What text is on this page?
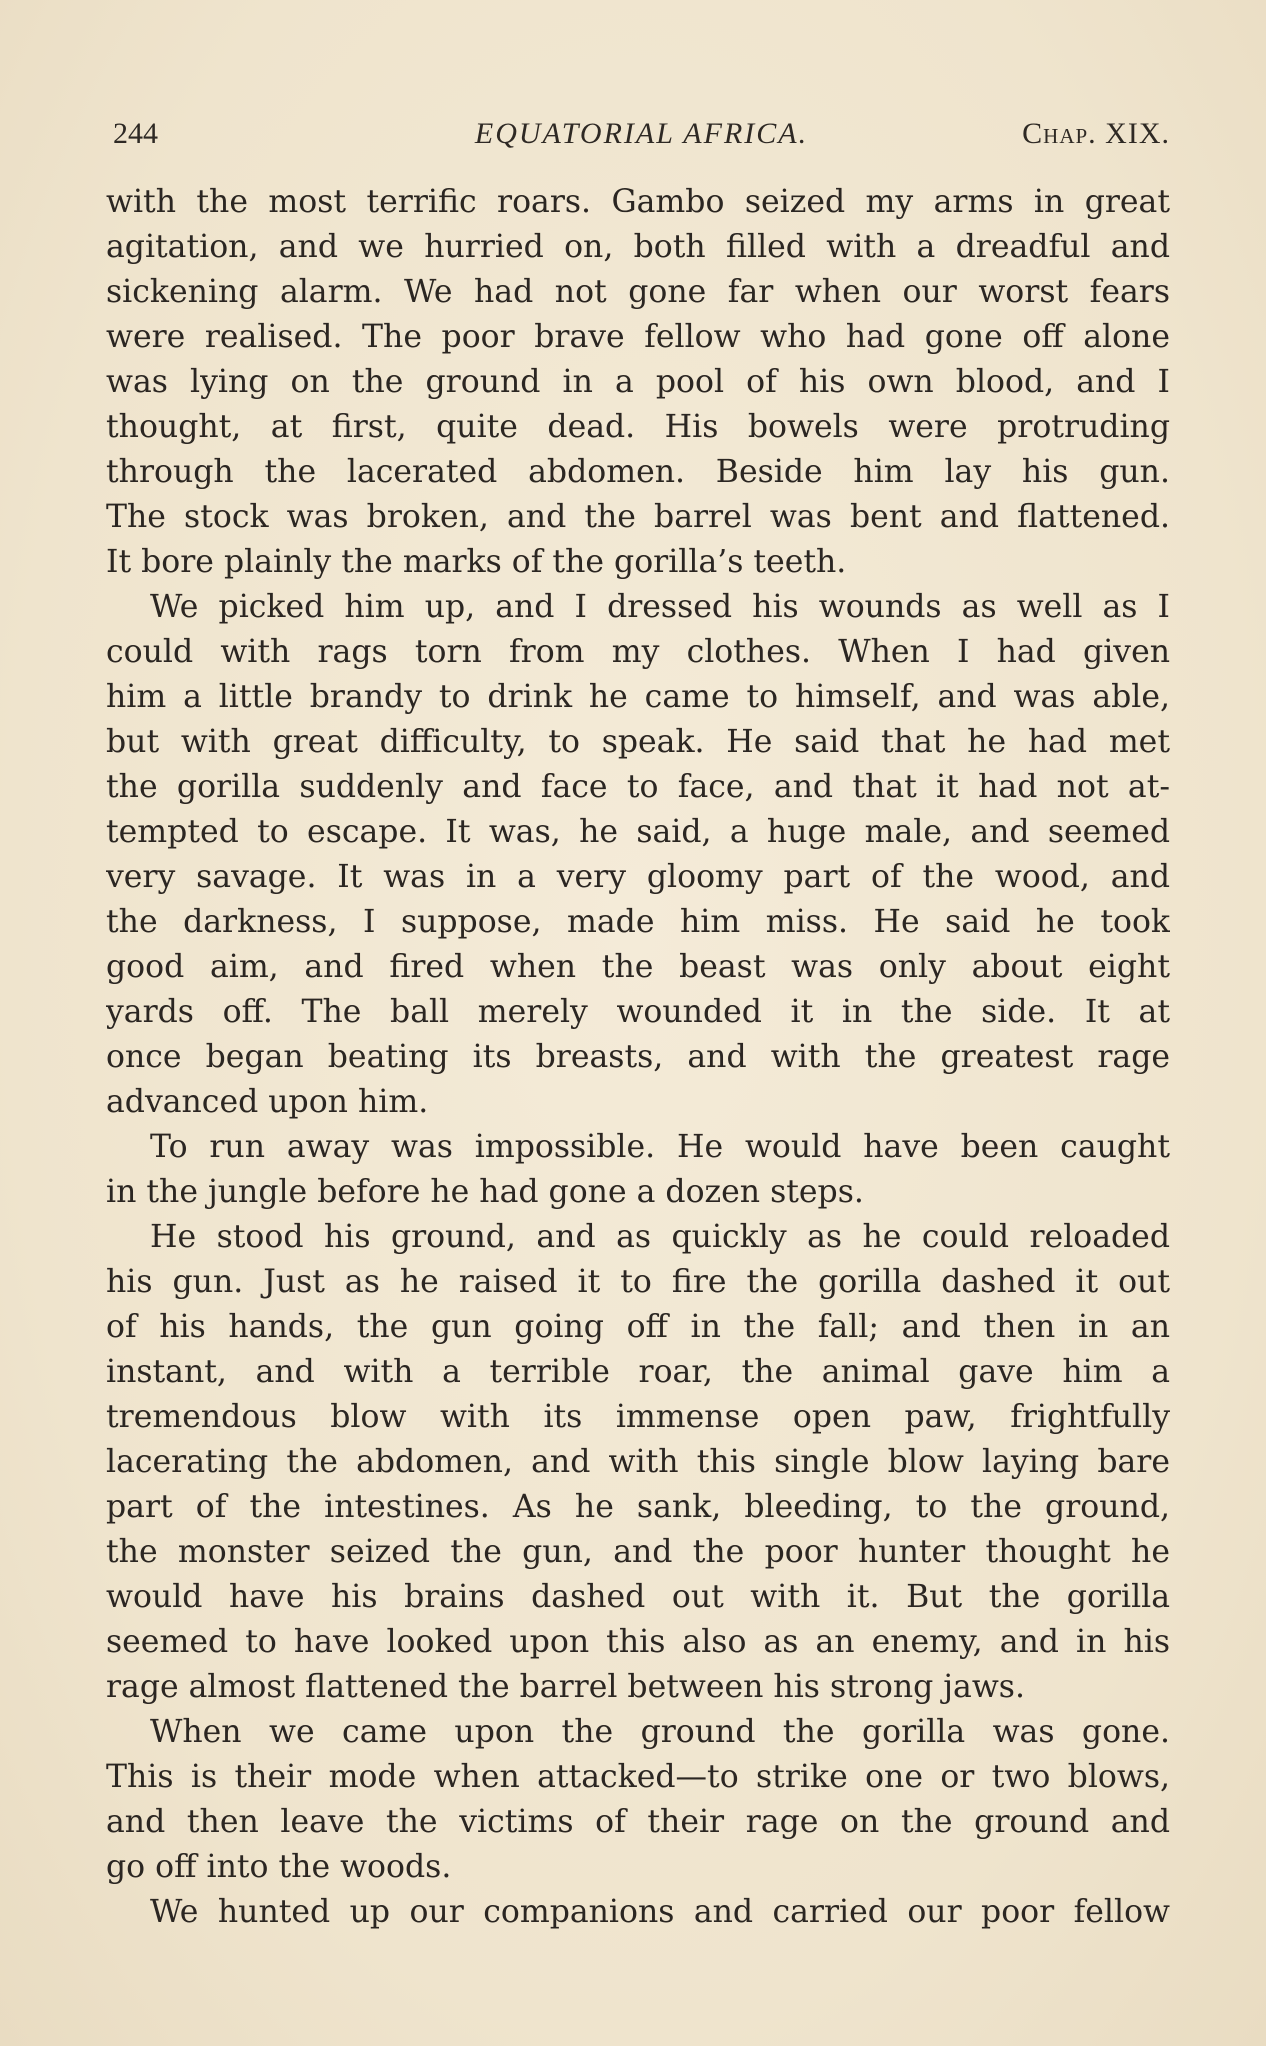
244	EQUATORIAL AFRICA.	Chap. XIX.
with the most terrific roars. Gambo seized my arms in great
agitation, and we hurried on, both filled with a dreadful and
sickening alarm. We had not gone far when our worst fears
were realised. The poor brave fellow who had gone off alone
was lying on the ground in a pool of his own blood, and I
thought, at first, quite dead. His bowels were protruding
through the lacerated abdomen. Beside him lay his gun.
The stock was broken, and the barrel was bent and flattened.
It bore plainly the marks of the gorilla’s teeth.
We picked him up, and I dressed his wounds as well as I
could with rags torn from my clothes. When I had given
him a little brandy to drink he came to himself, and was able,
but with great difficulty, to speak. He said that he had met
the gorilla suddenly and face to face, and that it had not at-
tempted to escape. It was, he said, a huge male, and seemed
very savage. It was in a very gloomy part of the wood, and
the darkness, I suppose, made him miss. He said he took
good aim, and fired when the beast was only about eight
yards off. The ball merely wounded it in the side. It at
once began beating its breasts, and with the greatest rage
advanced upon him.
To run away was impossible. He would have been caught
in the jungle before he had gone a dozen steps.
He stood his ground, and as quickly as he could reloaded
his gun. Just as he raised it to fire the gorilla dashed it out
of his hands, the gun going off in the fall; and then in an
instant, and with a terrible roar, the animal gave him a
tremendous blow with its immense open paw, frightfully
lacerating the abdomen, and with this single blow laying bare
part of the intestines. As he sank, bleeding, to the ground,
the monster seized the gun, and the poor hunter thought he
would have his brains dashed out with it. But the gorilla
seemed to have looked upon this also as an enemy, and in his
rage almost flattened the barrel between his strong jaws.
When we came upon the ground the gorilla was gone.
This is their mode when attacked—to strike one or two blows,
and then leave the victims of their rage on the ground and
go off into the woods.
We hunted up our companions and carried our poor fellow
